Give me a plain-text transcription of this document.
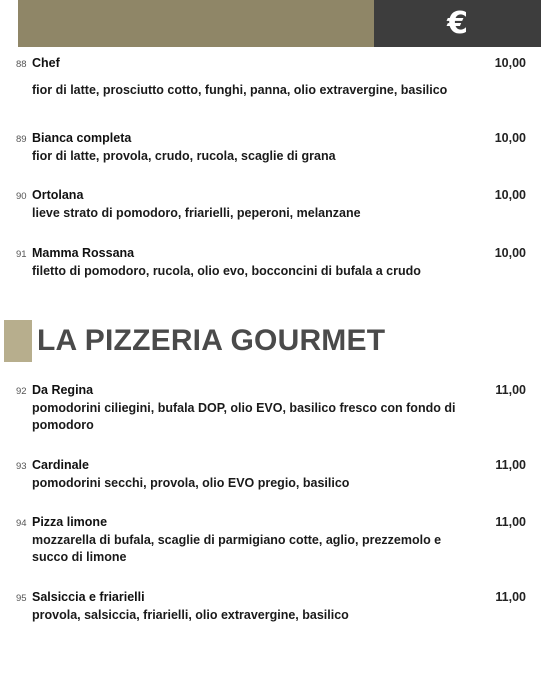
€
88 Chef	10,00
fior di latte, prosciutto cotto, funghi, panna, olio extravergine, basilico
89 Bianca completa	10,00
fior di latte, provola, crudo, rucola, scaglie di grana
90 Ortolana	10,00
lieve strato di pomodoro, friarielli, peperoni, melanzane
91 Mamma Rossana	10,00
filetto di pomodoro, rucola, olio evo, bocconcini di bufala a crudo
LA PIZZERIA GOURMET
92 Da Regina	11,00
pomodorini ciliegini, bufala DOP, olio EVO, basilico fresco con fondo di pomodoro
93 Cardinale	11,00
pomodorini secchi, provola, olio EVO pregio, basilico
94 Pizza limone	11,00
mozzarella di bufala, scaglie di parmigiano cotte, aglio, prezzemolo e succo di limone
95 Salsiccia e friarielli	11,00
provola, salsiccia, friarielli, olio extravergine, basilico
